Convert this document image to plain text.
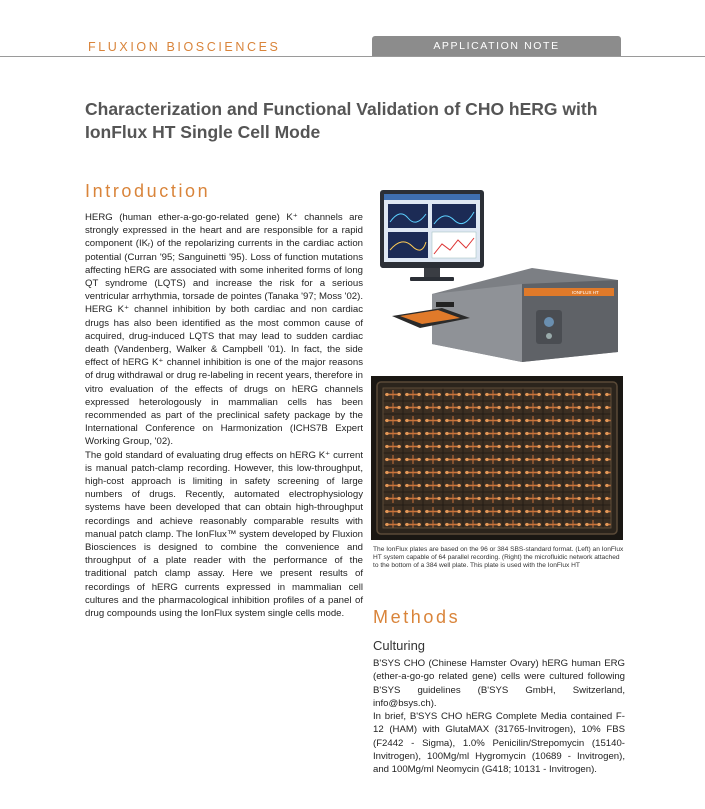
FLUXION BIOSCIENCES	APPLICATION NOTE
Characterization and Functional Validation of CHO hERG with IonFlux HT Single Cell Mode
Introduction

HERG (human ether-a-go-go-related gene) K⁺ channels are strongly expressed in the heart and are responsible for a rapid component (IKᵣ) of the repolarizing currents in the cardiac action potential (Curran '95; Sanguinetti '95). Loss of function mutations affecting hERG are associated with some inherited forms of long QT syndrome (LQTS) and increase the risk for a serious ventricular arrhythmia, torsade de pointes (Tanaka '97; Moss '02). HERG K⁺ channel inhibition by both cardiac and non cardiac drugs has also been identified as the most common cause of acquired, drug-induced LQTS that may lead to sudden cardiac death (Vandenberg, Walker & Campbell '01). In fact, the side effect of hERG K⁺ channel inhibition is one of the major reasons of drug withdrawal or drug re-labeling in recent years, therefore in vitro evaluation of the effects of drugs on hERG channels expressed heterologously in mammalian cells has been recommended as part of the preclinical safety package by the International Conference on Harmonization (ICHS7B Expert Working Group, '02).

The gold standard of evaluating drug effects on hERG K⁺ current is manual patch-clamp recording. However, this low-throughput, high-cost approach is limiting in safety screening of large numbers of drugs. Recently, automated electrophysiology systems have been developed that can obtain high-throughput recordings and achieve reasonably comparable results with manual patch clamp. The IonFlux™ system developed by Fluxion Biosciences is designed to combine the convenience and throughput of a plate reader with the performance of the traditional patch clamp assay. Here we present results of recordings of hERG currents expressed in mammalian cell cultures and the pharmacological inhibition profiles of a panel of drug compounds using the IonFlux system single cells mode.

IONFLUX HT
The IonFlux plates are based on the 96 or 384 SBS-standard format. (Left) an IonFlux HT system capable of 64 parallel recording. (Right) the microfluidic network attached to the bottom of a 384 well plate. This plate is used with the IonFlux HT
Methods
Culturing

B'SYS CHO (Chinese Hamster Ovary) hERG human ERG (ether-a-go-go related gene) cells were cultured following B'SYS guidelines (B'SYS GmbH, Switzerland, info@bsys.ch).

In brief, B'SYS CHO hERG Complete Media contained F-12 (HAM) with GlutaMAX (31765-Invitrogen), 10% FBS (F2442 - Sigma), 1.0% Penicilin/Strepomycin (15140-Invitrogen), 100Mg/ml Hygromycin (10689 - Invitrogen), and 100Mg/ml Neomycin (G418; 10131 - Invitrogen).
